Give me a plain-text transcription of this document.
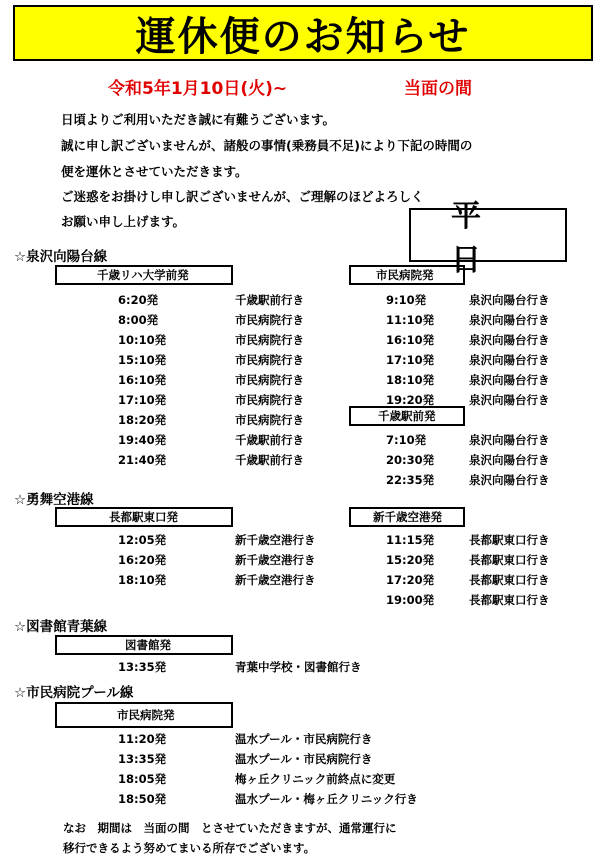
運休便のお知らせ
令和5年1月10日(火)~	当面の間
日頃よりご利用いただき誠に有難うございます。
誠に申し訳ございませんが、諸般の事情(乗務員不足)により下記の時間の
便を運休とさせていただきます。
ご迷惑をお掛けし申し訳ございませんが、ご理解のほどよろしく
お願い申し上げます。	平日
☆泉沢向陽台線
千歳リハ大学前発	市民病院発
6:20発	千歳駅前行き
8:00発	市民病院行き
10:10発	市民病院行き
15:10発	市民病院行き
16:10発	市民病院行き
17:10発	市民病院行き
18:20発	市民病院行き
19:40発	千歳駅前行き
21:40発	千歳駅前行き
9:10発	泉沢向陽台行き
11:10発	泉沢向陽台行き
16:10発	泉沢向陽台行き
17:10発	泉沢向陽台行き
18:10発	泉沢向陽台行き
19:20発	泉沢向陽台行き
千歳駅前発
7:10発	泉沢向陽台行き
20:30発	泉沢向陽台行き
22:35発	泉沢向陽台行き
☆勇舞空港線
長都駅東口発	新千歳空港発
12:05発	新千歳空港行き
16:20発	新千歳空港行き
18:10発	新千歳空港行き
11:15発	長都駅東口行き
15:20発	長都駅東口行き
17:20発	長都駅東口行き
19:00発	長都駅東口行き
☆図書館青葉線
図書館発
13:35発	青葉中学校・図書館行き
☆市民病院プール線
市民病院発
11:20発	温水プール・市民病院行き
13:35発	温水プール・市民病院行き
18:05発	梅ヶ丘クリニック前終点に変更
18:50発	温水プール・梅ヶ丘クリニック行き
なお　期間は　当面の間　とさせていただきますが、通常運行に
移行できるよう努めてまいる所存でございます。
